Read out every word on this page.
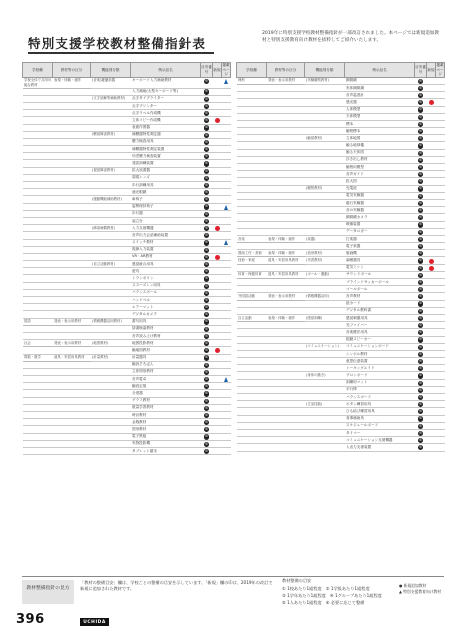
特別支援学校教材整備指針表
2019年に特別支援学校教材整備指針が一部改訂されました。本ページでは新規追加教材と特別支援教育向け教材を抜粋してご紹介いたします。
学校種	教材等の区分	機能別分類	例示品名	目安番号	新規	掲載ページ
学校全体で共用可能な教材	表現・体験・創作	(音楽)鍵盤楽器	キーボード入力補助教材	6		
			入力補助(大型キーボード等)	6		
		(文字読解等補助教材)	点字タイプライター	6		
			点字プリンター	6		
			点字ラベル作成機	6		
			立体コピー作成機	6		
			表面作図器	6		
		(聴覚障害教材)	補聴器特性測定器	6		
			聴力検査用具	6		
			補聴器特性測定装置	6		
			幼児聴力検査装置	6		
			発語訓練装置	6		
		(視覚障害教材)	拡大読書器	6		
			弱視レンズ	6		
			歩行訓練用具	6		
			遮光眼鏡	6		
		(運動機能補助教材)	車椅子	6		
			姿勢保持椅子	6		
			歩行器	6		
			起立台	6		
		(障害補償教材)	入力支援機器	6		
			音声出力会話補助装置	6		
			スイッチ教材	6		
			視線入力装置	6		
			VR・AR教材	6		
		(自立活動教材)	感覚統合用具	6		
			遊具	6		
			トランポリン	6		
			スヌーズレン用具	6		
			バランスボール	6		
			ハンドベル	6		
			エアーマット	6		
			デジタルカメラ	6		
国語	発表・表示用教材	(情報機器活用教材)	書写用具	6		
			辞書検索教材	6		
			音声読み上げ教材	6		
社会	発表・表示用教材	(地図教材)	地図投影教材	6		
			触地図教材	6		
算数・数学	道具・実習用具教材	(計量教材)	計量器具	6		
			触読そろばん	6		
			立体図形教材	6		
			音声電卓	6		
			触読定規	6		
			分度器	6		
			グラフ教材	6		
			数量学習教材	6		
			時計教材	6		
			金銭教材	6		
			図形教材	6		
			電子黒板	6		
			実物投影機	6		
			タブレット端末	6		
学校種	教材等の区分	機能別分類	例示品名	目安番号	新規	掲載ページ
理科	発表・表示用教材	(実験観察教材)	顕微鏡	6		
			実体顕微鏡	6		
			音声温度計	6		
			感光器	6		
			人体模型	6		
			天体模型	6		
			標本	6		
			触察標本	6		
		(触覚教材)	立体地図	6		
			触る地球儀	6		
			触る天体図	6		
			浮き出し教材	6		
			触察用模型	6		
			音声ガイド	6		
			拡大図	6		
		(観察教材)	光電池	6		
			電気実験器	6		
			磁石実験器	6		
			音の実験器	6		
			顕微鏡カメラ	6		
			映像装置	6		
			データロガー	6		
音楽	表現・体験・創作	(楽器)	打楽器	6		
			電子楽器	6		
図画工作・美術	表現・体験・創作	(造形教材)	版画機	6		
技術・家庭	道具・実習用具教材	(実習教材)	調理器具	6		
			電気ミシン	6		
体育・保健体育	道具・実習用具教材	(ボール・運動)	サウンドボール	6		
			ブラインドサッカーボール	6		
			ゴールボール	6		
外国語活動	発表・表示用教材	(情報機器活用)	音声教材	6		
			絵カード	6		
			デジタル教科書	6		
自立活動	表現・体験・創作	(感覚訓練)	感覚刺激用具	6		
			光ファイバー	6		
			音楽療法用具	6		
			振動スピーカー	6		
		(コミュニケーション)	コミュニケーションボード	6		
			シンボル教材	6		
			意思伝達装置	6		
			トーキングエイド	6		
		(身体の動き)	プロンボード	6		
			訓練用マット	6		
			平行棒	6		
			バランスボード	6		
		(生活技能)	ボタン練習用具	6		
			ひも結び練習用具	6		
			食事補助具	6		
			スケジュールボード	6		
			タイマー	6		
			コミュニケーション支援機器	6		
			入出力支援装置	6		
教材整備指針の見方
「教材の整備目安」欄は、学校ごとの整備の目安を示しています。「新規」欄の印は、2019年の改訂で新規に追加された教材です。
教材整備の目安
① 1校あたり1組程度 ② 1学級あたり1組程度
③ 1学年あたり1組程度 ④ 1グループあたり1組程度
⑤ 1人あたり1組程度 ⑥ 必要に応じて整備
● 新規追加教材
▲ 特別支援教育向け教材
396	UCHIDA
